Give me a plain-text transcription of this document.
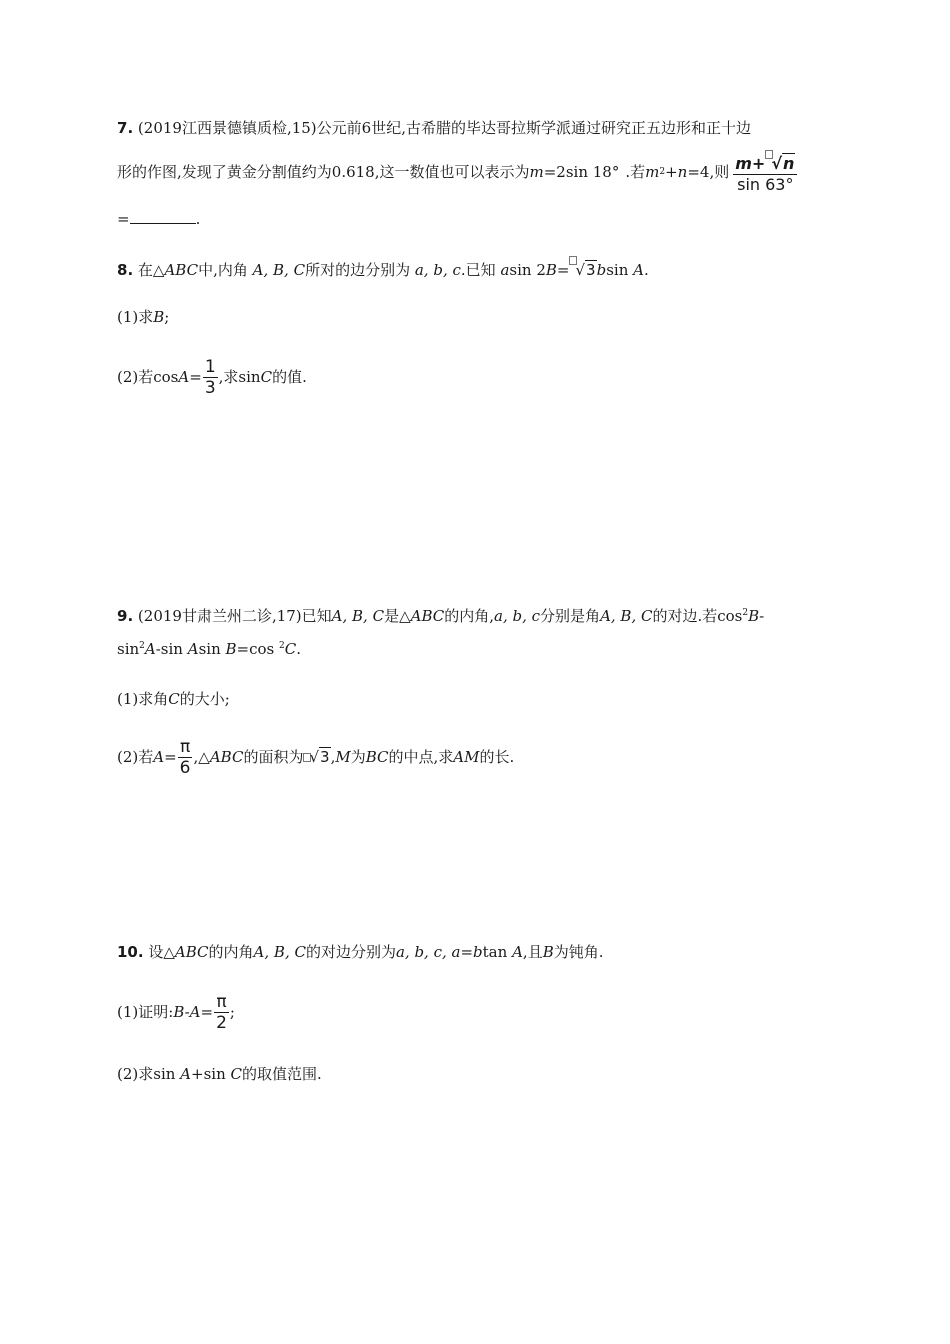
7. (2019江西景德镇质检,15)公元前6世纪,古希腊的毕达哥拉斯学派通过研究正五边形和正十边
形的作图,发现了黄金分割值约为0.618,这一数值也可以表示为 m =2sin 18° .若 m 2 + n =4,则 $\frac{m+ √n}{\sin 63^\circ}$
=	.
8. 在△ABC中,内角 A, B, C所对的边分别为 a, b, c.已知 asin 2B= √3bsin A.
(1)求B;
(2)若$\cos A = \frac{1}{3}$ ,求sin C 的值.
9. (2019甘肃兰州二诊,17)已知A, B, C是△ABC的内角,a, b, c分别是角A, B, C的对边.若$\cos^2B-$
$\sin^2A-\sin$ Asin B=cos $^2$C.
(1)求角C的大小;
(2)若 $A = \frac{\pi}{6}$ ,△ ABC 的面积为 √3 , M 为 BC 的中点,求 AM 的长.
10. 设△ABC的内角A, B, C的对边分别为a, b, c, a=btan A,且B为钝角.
(1)证明: $B-A = \frac{\pi}{2}$ ;
(2)求sin A+sin C的取值范围.
